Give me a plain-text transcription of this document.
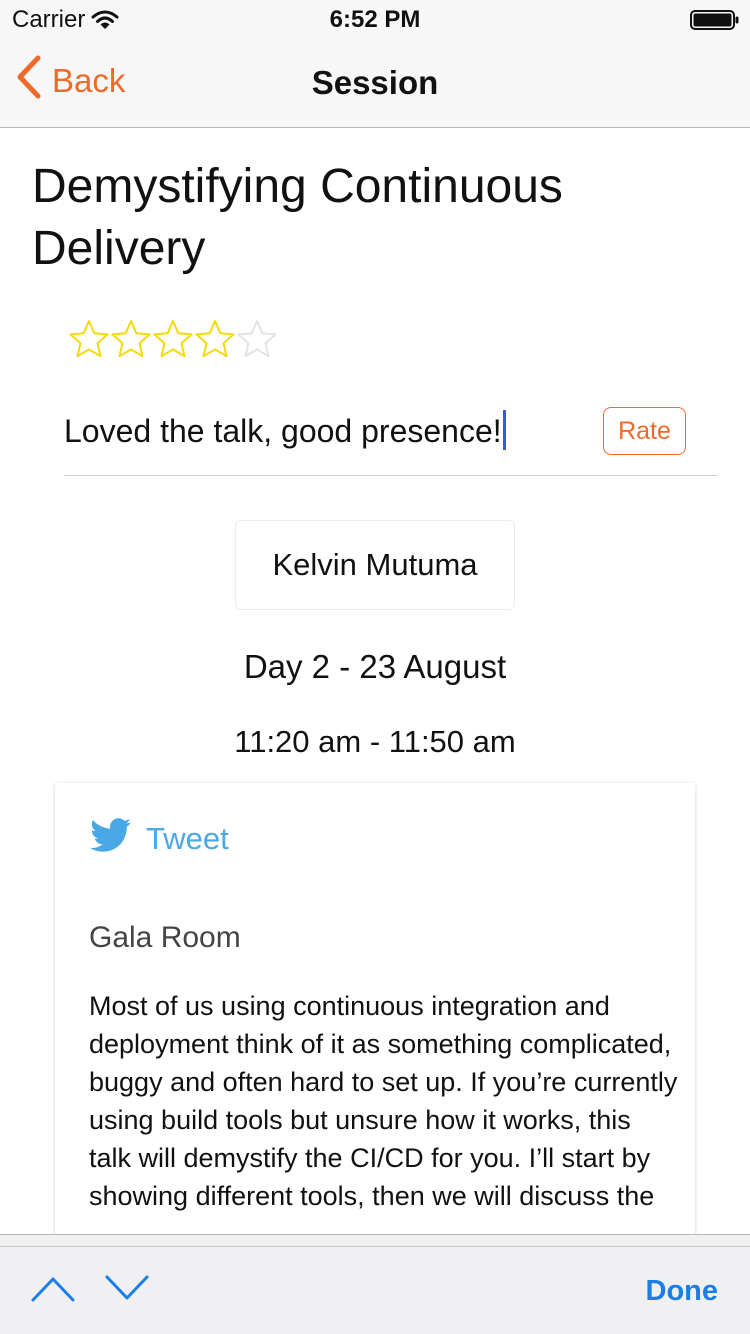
Carrier	6:52 PM
Back	Session
Demystifying Continuous Delivery
Loved the talk, good presence!	Rate
Kelvin Mutuma
Day 2 - 23 August
11:20 am - 11:50 am
Tweet
Gala Room
Most of us using continuous integration and deployment think of it as something complicated, buggy and often hard to set up. If you’re currently using build tools but unsure how it works, this talk will demystify the CI/CD for you. I’ll start by showing different tools, then we will discuss the
Done
